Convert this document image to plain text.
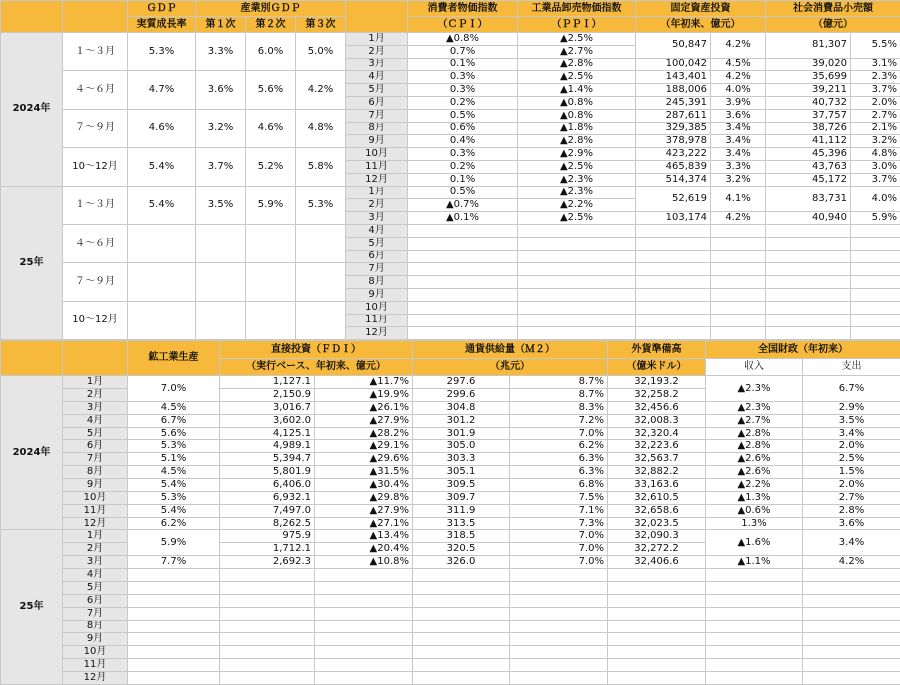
		ＧＤＰ	産業別ＧＤＰ				消費者物価指数	工業品卸売物価指数	固定資産投資		社会消費品小売額	
		実質成長率	第１次	第２次	第３次		（ＣＰＩ）	（ＰＰＩ）	（年初来、億元）		（億元）	
2024年	１～３月	5.3%	3.3%	6.0%	5.0%	1月	▲0.8%	▲2.5%	50,847	4.2%	81,307	5.5%
						2月	0.7%	▲2.7%				
						3月	0.1%	▲2.8%	100,042	4.5%	39,020	3.1%
	４～６月	4.7%	3.6%	5.6%	4.2%	4月	0.3%	▲2.5%	143,401	4.2%	35,699	2.3%
						5月	0.3%	▲1.4%	188,006	4.0%	39,211	3.7%
						6月	0.2%	▲0.8%	245,391	3.9%	40,732	2.0%
	７～９月	4.6%	3.2%	4.6%	4.8%	7月	0.5%	▲0.8%	287,611	3.6%	37,757	2.7%
						8月	0.6%	▲1.8%	329,385	3.4%	38,726	2.1%
						9月	0.4%	▲2.8%	378,978	3.4%	41,112	3.2%
	10～12月	5.4%	3.7%	5.2%	5.8%	10月	0.3%	▲2.9%	423,222	3.4%	45,396	4.8%
						11月	0.2%	▲2.5%	465,839	3.3%	43,763	3.0%
						12月	0.1%	▲2.3%	514,374	3.2%	45,172	3.7%
25年	１～３月	5.4%	3.5%	5.9%	5.3%	1月	0.5%	▲2.3%	52,619	4.1%	83,731	4.0%
						2月	▲0.7%	▲2.2%				
						3月	▲0.1%	▲2.5%	103,174	4.2%	40,940	5.9%
	４～６月					4月						
						5月						
						6月						
	７～９月					7月						
						8月						
						9月						
	10～12月					10月						
						11月						
						12月						
		鉱工業生産	直接投資（ＦＤＩ）		通貨供給量（Ｍ２）		外貨準備高	全国財政（年初来）	
			（実行ベース、年初来、億元）		（兆元）		（億米ドル）	収入	支出
2024年	1月	7.0%	1,127.1	▲11.7%	297.6	8.7%	32,193.2	▲2.3%	6.7%
	2月		2,150.9	▲19.9%	299.6	8.7%	32,258.2		
	3月	4.5%	3,016.7	▲26.1%	304.8	8.3%	32,456.6	▲2.3%	2.9%
	4月	6.7%	3,602.0	▲27.9%	301.2	7.2%	32,008.3	▲2.7%	3.5%
	5月	5.6%	4,125.1	▲28.2%	301.9	7.0%	32,320.4	▲2.8%	3.4%
	6月	5.3%	4,989.1	▲29.1%	305.0	6.2%	32,223.6	▲2.8%	2.0%
	7月	5.1%	5,394.7	▲29.6%	303.3	6.3%	32,563.7	▲2.6%	2.5%
	8月	4.5%	5,801.9	▲31.5%	305.1	6.3%	32,882.2	▲2.6%	1.5%
	9月	5.4%	6,406.0	▲30.4%	309.5	6.8%	33,163.6	▲2.2%	2.0%
	10月	5.3%	6,932.1	▲29.8%	309.7	7.5%	32,610.5	▲1.3%	2.7%
	11月	5.4%	7,497.0	▲27.9%	311.9	7.1%	32,658.6	▲0.6%	2.8%
	12月	6.2%	8,262.5	▲27.1%	313.5	7.3%	32,023.5	1.3%	3.6%
25年	1月	5.9%	975.9	▲13.4%	318.5	7.0%	32,090.3	▲1.6%	3.4%
	2月		1,712.1	▲20.4%	320.5	7.0%	32,272.2		
	3月	7.7%	2,692.3	▲10.8%	326.0	7.0%	32,406.6	▲1.1%	4.2%
	4月								
	5月								
	6月								
	7月								
	8月								
	9月								
	10月								
	11月								
	12月								
